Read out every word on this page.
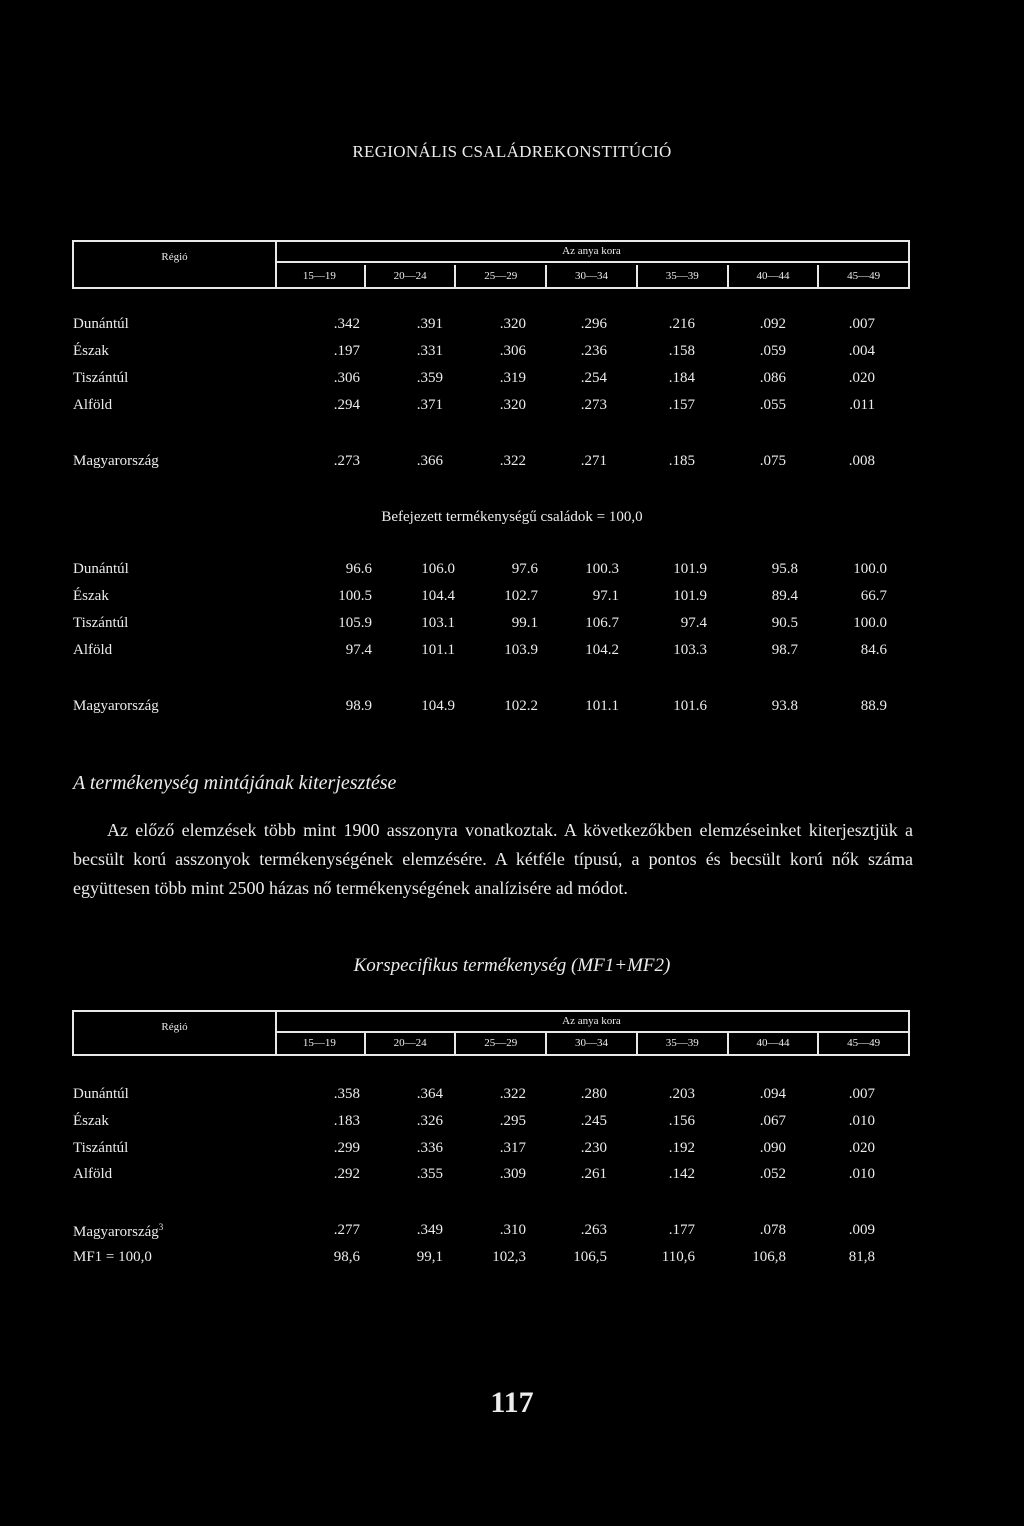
REGIONÁLIS CSALÁDREKONSTITÚCIÓ
Régió	Az anya kora
15—19	20—24	25—29	30—34	35—39	40—44	45—49
Dunántúl	.342	.391	.320	.296	.216	.092	.007
Észak	.197	.331	.306	.236	.158	.059	.004
Tiszántúl	.306	.359	.319	.254	.184	.086	.020
Alföld	.294	.371	.320	.273	.157	.055	.011
Magyarország	.273	.366	.322	.271	.185	.075	.008
Befejezett termékenységű családok = 100,0
Dunántúl	96.6	106.0	97.6	100.3	101.9	95.8	100.0
Észak	100.5	104.4	102.7	97.1	101.9	89.4	66.7
Tiszántúl	105.9	103.1	99.1	106.7	97.4	90.5	100.0
Alföld	97.4	101.1	103.9	104.2	103.3	98.7	84.6
Magyarország	98.9	104.9	102.2	101.1	101.6	93.8	88.9
A termékenység mintájának kiterjesztése

Az előző elemzések több mint 1900 asszonyra vonatkoztak. A következőkben elemzéseinket kiterjesztjük a becsült korú asszonyok termékenységének elemzésére. A kétféle típusú, a pontos és becsült korú nők száma együttesen több mint 2500 házas nő termékenységének analízisére ad módot.

Korspecifikus termékenység (MF1+MF2)
Régió	Az anya kora
15—19	20—24	25—29	30—34	35—39	40—44	45—49
Dunántúl	.358	.364	.322	.280	.203	.094	.007
Észak	.183	.326	.295	.245	.156	.067	.010
Tiszántúl	.299	.336	.317	.230	.192	.090	.020
Alföld	.292	.355	.309	.261	.142	.052	.010
Magyarország$^3$	.277	.349	.310	.263	.177	.078	.009
MF1 = 100,0	98,6	99,1	102,3	106,5	110,6	106,8	81,8
117
